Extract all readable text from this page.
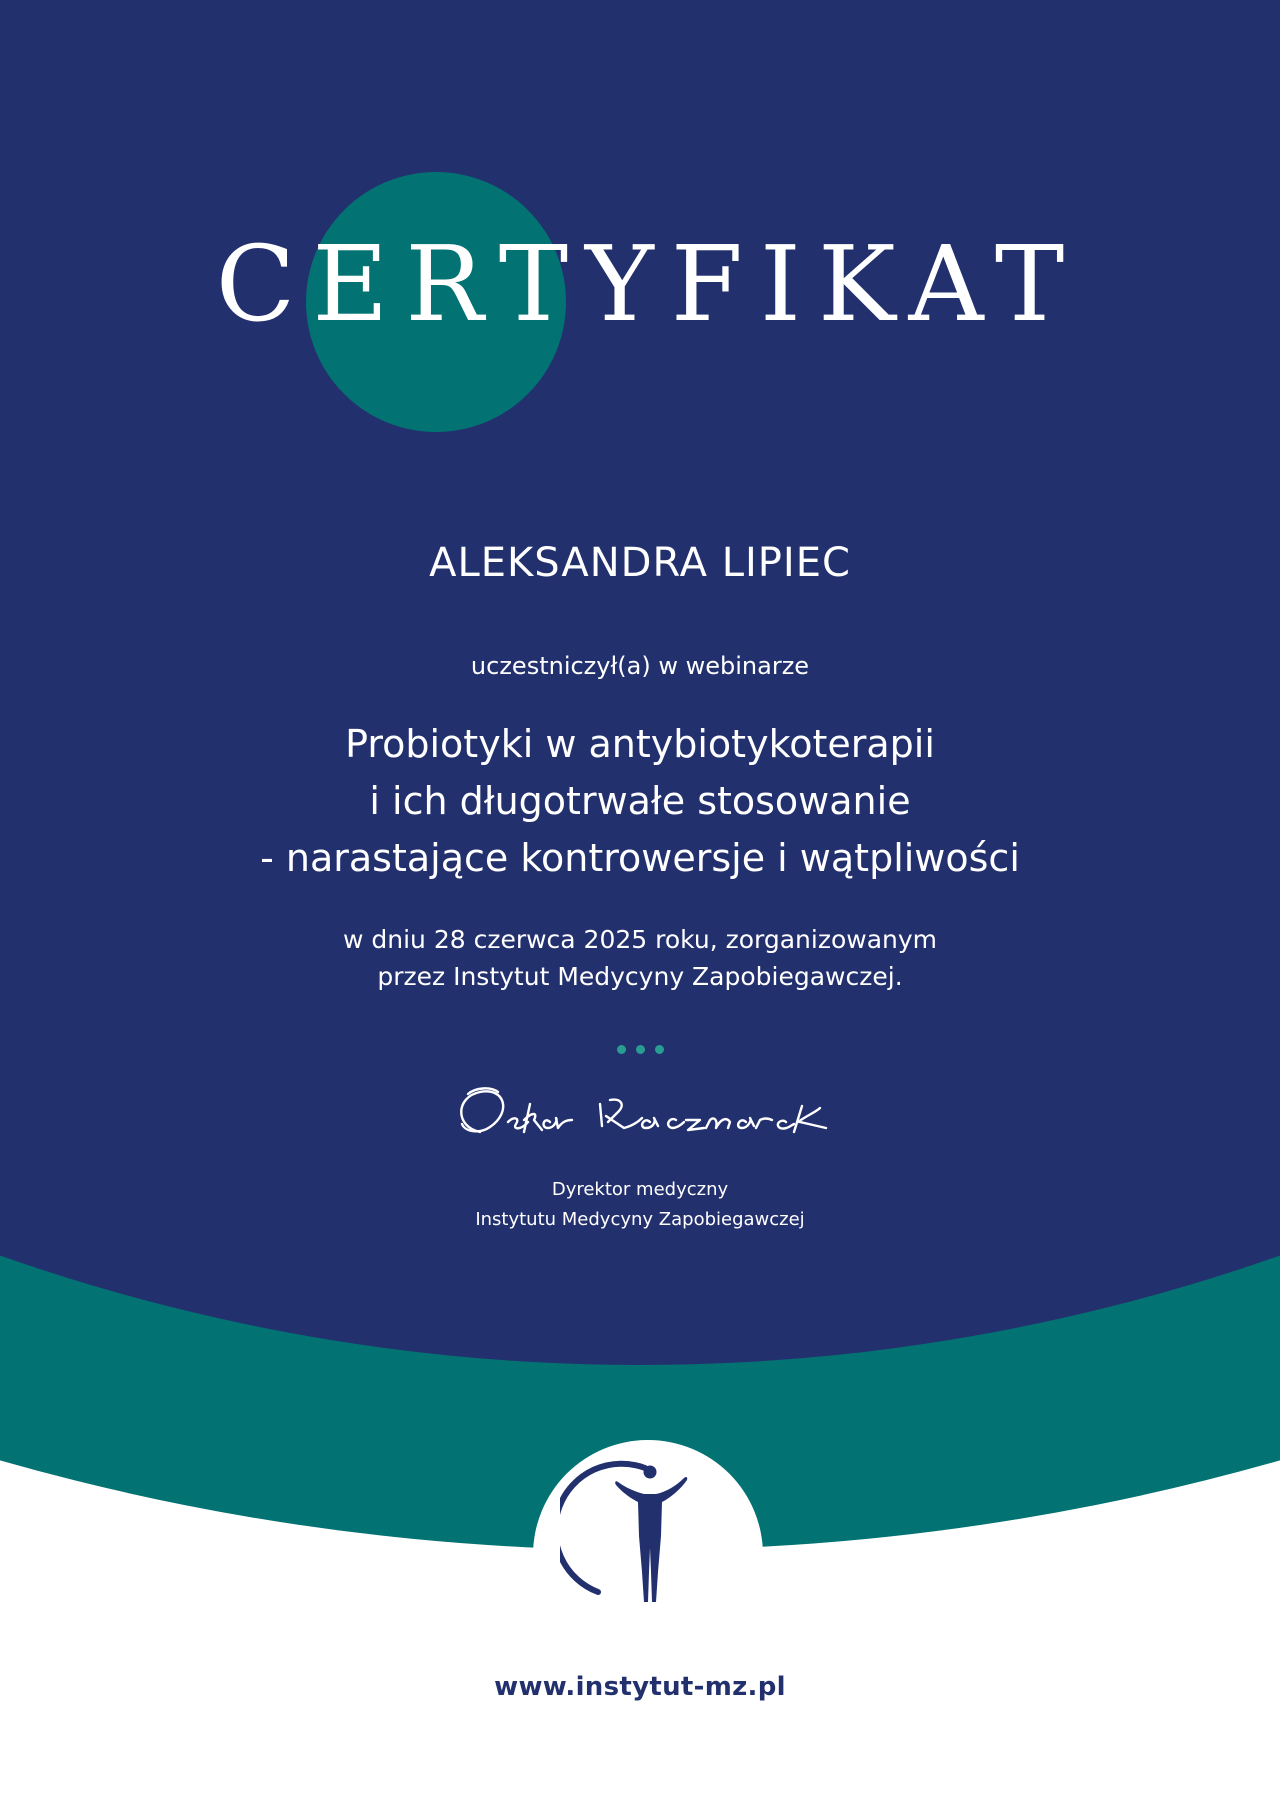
CERTYFIKAT
ALEKSANDRA LIPIEC
uczestniczył(a) w webinarze
Probiotyki w antybiotykoterapii
i ich długotrwałe stosowanie
- narastające kontrowersje i wątpliwości
w dniu 28 czerwca 2025 roku, zorganizowanym
przez Instytut Medycyny Zapobiegawczej.
Dyrektor medyczny
Instytutu Medycyny Zapobiegawczej
www.instytut-mz.pl
